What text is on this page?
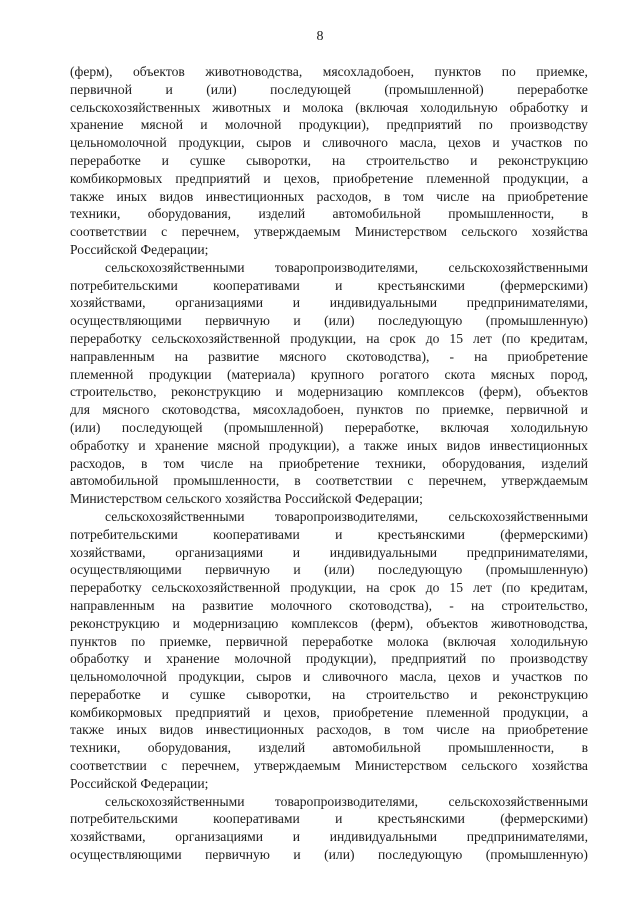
8
(ферм), объектов животноводства, мясохладобоен, пунктов по приемке,
первичной и (или) последующей (промышленной) переработке
сельскохозяйственных животных и молока (включая холодильную обработку и
хранение мясной и молочной продукции), предприятий по производству
цельномолочной продукции, сыров и сливочного масла, цехов и участков по
переработке и сушке сыворотки, на строительство и реконструкцию
комбикормовых предприятий и цехов, приобретение племенной продукции, а
также иных видов инвестиционных расходов, в том числе на приобретение
техники, оборудования, изделий автомобильной промышленности, в
соответствии с перечнем, утверждаемым Министерством сельского хозяйства
Российской Федерации;
сельскохозяйственными товаропроизводителями, сельскохозяйственными
потребительскими	кооперативами	и	крестьянскими	(фермерскими)
хозяйствами, организациями и индивидуальными предпринимателями,
осуществляющими первичную и (или) последующую (промышленную)
переработку сельскохозяйственной продукции, на срок до 15 лет (по кредитам,
направленным на развитие мясного скотоводства), - на приобретение
племенной продукции (материала) крупного рогатого скота мясных пород,
строительство, реконструкцию и модернизацию комплексов (ферм), объектов
для мясного скотоводства, мясохладобоен, пунктов по приемке, первичной и
(или) последующей (промышленной) переработке, включая холодильную
обработку и хранение мясной продукции), а также иных видов инвестиционных
расходов, в том числе на приобретение техники, оборудования, изделий
автомобильной промышленности, в соответствии с перечнем, утверждаемым
Министерством сельского хозяйства Российской Федерации;
сельскохозяйственными товаропроизводителями, сельскохозяйственными
потребительскими	кооперативами	и	крестьянскими	(фермерскими)
хозяйствами, организациями и индивидуальными предпринимателями,
осуществляющими первичную и (или) последующую (промышленную)
переработку сельскохозяйственной продукции, на срок до 15 лет (по кредитам,
направленным на развитие молочного скотоводства), - на строительство,
реконструкцию и модернизацию комплексов (ферм), объектов животноводства,
пунктов по приемке, первичной переработке молока (включая холодильную
обработку и хранение молочной продукции), предприятий по производству
цельномолочной продукции, сыров и сливочного масла, цехов и участков по
переработке и сушке сыворотки, на строительство и реконструкцию
комбикормовых предприятий и цехов, приобретение племенной продукции, а
также иных видов инвестиционных расходов, в том числе на приобретение
техники, оборудования, изделий автомобильной промышленности, в
соответствии с перечнем, утверждаемым Министерством сельского хозяйства
Российской Федерации;
сельскохозяйственными товаропроизводителями, сельскохозяйственными
потребительскими	кооперативами	и	крестьянскими	(фермерскими)
хозяйствами, организациями и индивидуальными предпринимателями,
осуществляющими первичную и (или) последующую (промышленную)
